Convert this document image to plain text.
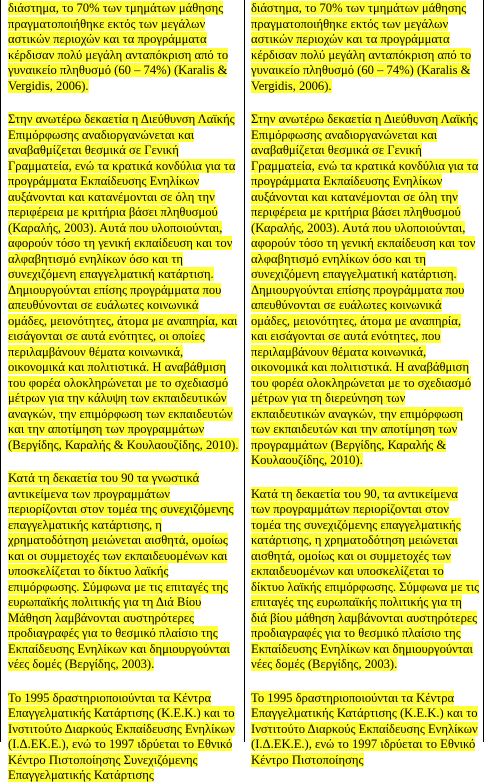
διάστημα, το 70% των τμημάτων μάθησης πραγματοποιήθηκε εκτός των μεγάλων αστικών περιοχών και τα προγράμματα κέρδισαν πολύ μεγάλη ανταπόκριση από το γυναικείο πληθυσμό (60 – 74%) (Karalis & Vergidis, 2006).

Στην ανωτέρω δεκαετία η Διεύθυνση Λαϊκής Επιμόρφωσης αναδιοργανώνεται και αναβαθμίζεται θεσμικά σε Γενική Γραμματεία, ενώ τα κρατικά κονδύλια για τα προγράμματα Εκπαίδευσης Ενηλίκων αυξάνονται και κατανέμονται σε όλη την περιφέρεια με κριτήρια βάσει πληθυσμού (Καραλής, 2003). Αυτά που υλοποιούνται, αφορούν τόσο τη γενική εκπαίδευση και τον αλφαβητισμό ενηλίκων όσο και τη συνεχιζόμενη επαγγελματική κατάρτιση. Δημιουργούνται επίσης προγράμματα που απευθύνονται σε ευάλωτες κοινωνικά ομάδες, μειονότητες, άτομα με αναπηρία, και εισάγονται σε αυτά ενότητες, οι οποίες περιλαμβάνουν θέματα κοινωνικά, οικονομικά και πολιτιστικά. Η αναβάθμιση του φορέα ολοκληρώνεται με το σχεδιασμό μέτρων για την κάλυψη των εκπαιδευτικών αναγκών, την επιμόρφωση των εκπαιδευτών και την αποτίμηση των προγραμμάτων (Βεργίδης, Καραλής & Κουλαουζίδης, 2010).

Κατά τη δεκαετία του 90 τα γνωστικά αντικείμενα των προγραμμάτων περιορίζονται στον τομέα της συνεχιζόμενης επαγγελματικής κατάρτισης, η χρηματοδότηση μειώνεται αισθητά, ομοίως και οι συμμετοχές των εκπαιδευομένων και υποσκελίζεται το δίκτυο λαϊκής επιμόρφωσης. Σύμφωνα με τις επιταγές της ευρωπαϊκής πολιτικής για τη Διά Βίου Μάθηση λαμβάνονται αυστηρότερες προδιαγραφές για το θεσμικό πλαίσιο της Εκπαίδευσης Ενηλίκων και δημιουργούνται νέες δομές (Βεργίδης, 2003).

Το 1995 δραστηριοποιούνται τα Κέντρα Επαγγελματικής Κατάρτισης (Κ.Ε.Κ.) και το Ινστιτούτο Διαρκούς Εκπαίδευσης Ενηλίκων (Ι.Δ.ΕΚ.Ε.), ενώ το 1997 ιδρύεται το Εθνικό Κέντρο Πιστοποίησης Συνεχιζόμενης Επαγγελματικής Κατάρτισης

διάστημα, το 70% των τμημάτων μάθησης πραγματοποιήθηκε εκτός των μεγάλων αστικών περιοχών και τα προγράμματα κέρδισαν πολύ μεγάλη ανταπόκριση από το γυναικείο πληθυσμό (60 – 74%) (Karalis & Vergidis, 2006).

Στην ανωτέρω δεκαετία η Διεύθυνση Λαϊκής Επιμόρφωσης αναδιοργανώνεται και αναβαθμίζεται θεσμικά σε Γενική Γραμματεία, ενώ τα κρατικά κονδύλια για τα προγράμματα Εκπαίδευσης Ενηλίκων αυξάνονται και κατανέμονται σε όλη την περιφέρεια με κριτήρια βάσει πληθυσμού (Καραλής, 2003). Αυτά που υλοποιούνται, αφορούν τόσο τη γενική εκπαίδευση και τον αλφαβητισμό ενηλίκων όσο και τη συνεχιζόμενη επαγγελματική κατάρτιση. Δημιουργούνται επίσης προγράμματα που απευθύνονται σε ευάλωτες κοινωνικά ομάδες, μειονότητες, άτομα με αναπηρία, και εισάγονται σε αυτά ενότητες, που περιλαμβάνουν θέματα κοινωνικά, οικονομικά και πολιτιστικά. Η αναβάθμιση του φορέα ολοκληρώνεται με το σχεδιασμό μέτρων για τη διερεύνηση των εκπαιδευτικών αναγκών, την επιμόρφωση των εκπαιδευτών και την αποτίμηση των προγραμμάτων (Βεργίδης, Καραλής & Κουλαουζίδης, 2010).

Κατά τη δεκαετία του 90, τα αντικείμενα των προγραμμάτων περιορίζονται στον τομέα της συνεχιζόμενης επαγγελματικής κατάρτισης, η χρηματοδότηση μειώνεται αισθητά, ομοίως και οι συμμετοχές των εκπαιδευομένων και υποσκελίζεται το δίκτυο λαϊκής επιμόρφωσης. Σύμφωνα με τις επιταγές της ευρωπαϊκής πολιτικής για τη διά βίου μάθηση λαμβάνονται αυστηρότερες προδιαγραφές για το θεσμικό πλαίσιο της Εκπαίδευσης Ενηλίκων και δημιουργούνται νέες δομές (Βεργίδης, 2003).

Το 1995 δραστηριοποιούνται τα Κέντρα Επαγγελματικής Κατάρτισης (Κ.Ε.Κ.) και το Ινστιτούτο Διαρκούς Εκπαίδευσης Ενηλίκων (Ι.Δ.ΕΚ.Ε.), ενώ το 1997 ιδρύεται το Εθνικό Κέντρο Πιστοποίησης
